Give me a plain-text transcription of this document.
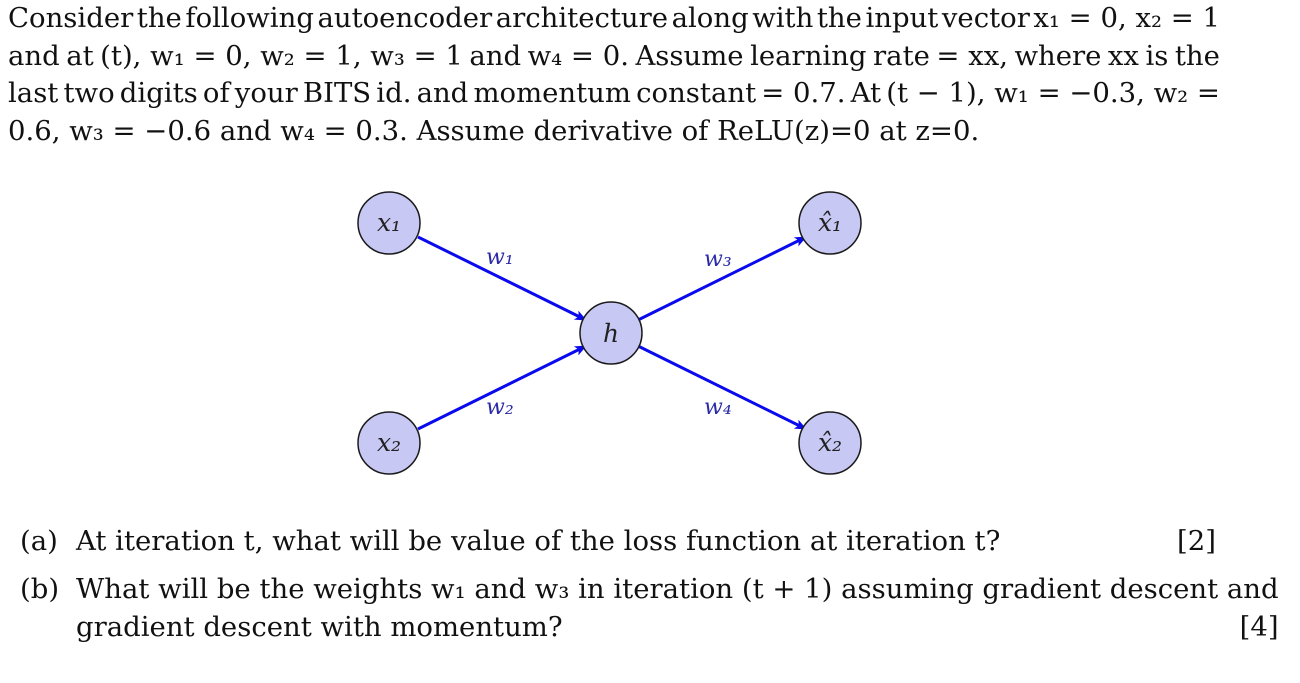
Consider the following autoencoder architecture along with the input vector x₁ = 0, x₂ = 1
and at (t), w₁ = 0, w₂ = 1, w₃ = 1 and w₄ = 0. Assume learning rate = xx, where xx is the
last two digits of your BITS id. and momentum constant = 0.7. At (t − 1), w₁ = −0.3, w₂ =
0.6, w₃ = −0.6 and w₄ = 0.3. Assume derivative of ReLU(z)=0 at z=0.
w₁	w₃
w₂	w₄
x₁
x₂
h
x̂₁
x̂₂
(a) At iteration t, what will be value of the loss function at iteration t?	[2]
(b) What will be the weights w₁ and w₃ in iteration (t + 1) assuming gradient descent and
gradient descent with momentum?	[4]
